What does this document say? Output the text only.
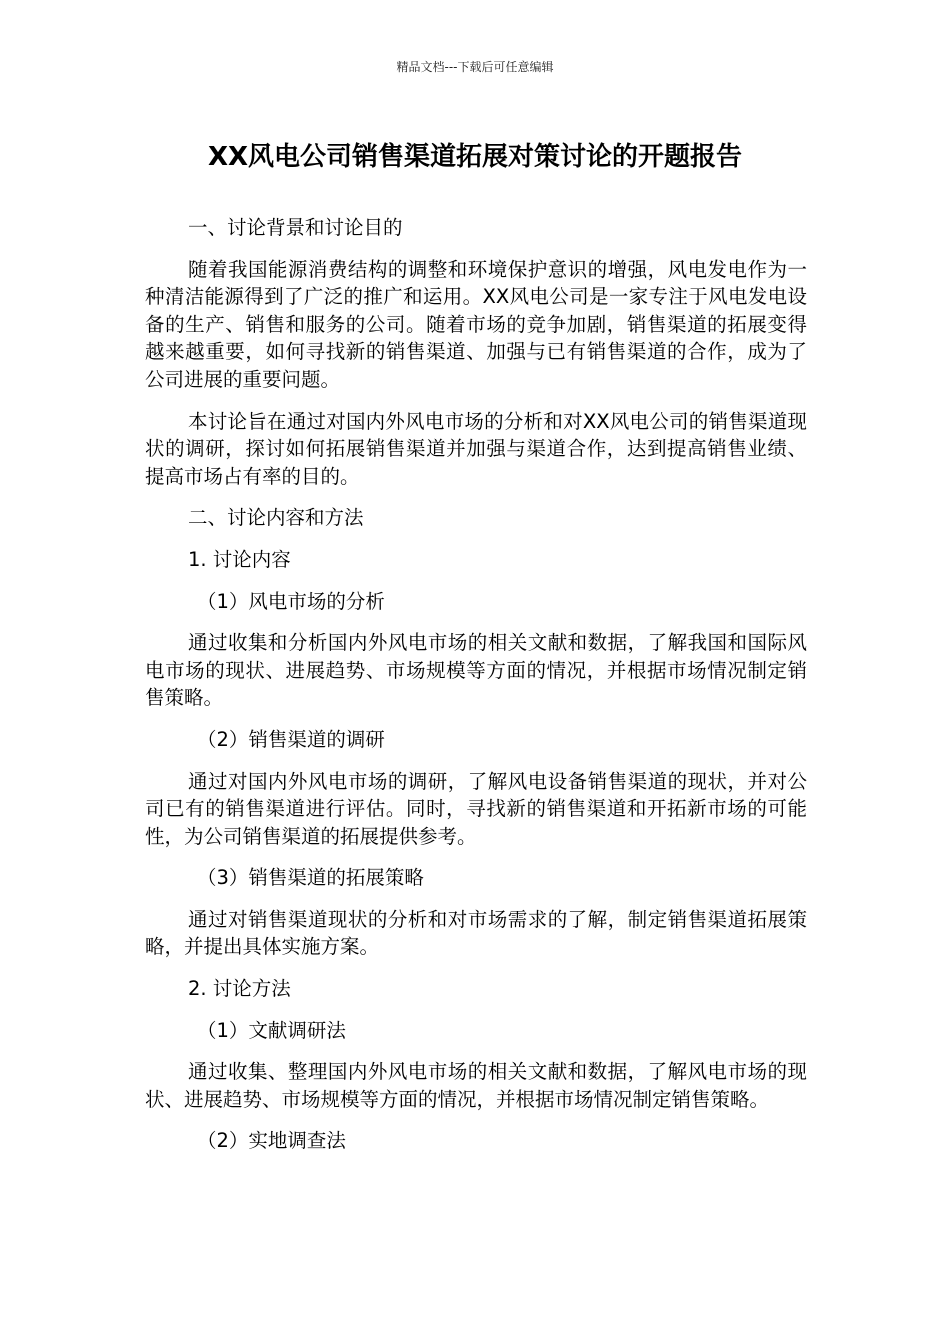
精品文档---下载后可任意编辑
XX风电公司销售渠道拓展对策讨论的开题报告

一、讨论背景和讨论目的

随着我国能源消费结构的调整和环境保护意识的增强，风电发电作为一种清洁能源得到了广泛的推广和运用。XX风电公司是一家专注于风电发电设备的生产、销售和服务的公司。随着市场的竞争加剧，销售渠道的拓展变得越来越重要，如何寻找新的销售渠道、加强与已有销售渠道的合作，成为了公司进展的重要问题。

本讨论旨在通过对国内外风电市场的分析和对XX风电公司的销售渠道现状的调研，探讨如何拓展销售渠道并加强与渠道合作，达到提高销售业绩、提高市场占有率的目的。

二、讨论内容和方法

1. 讨论内容

（1）风电市场的分析

通过收集和分析国内外风电市场的相关文献和数据，了解我国和国际风电市场的现状、进展趋势、市场规模等方面的情况，并根据市场情况制定销售策略。

（2）销售渠道的调研

通过对国内外风电市场的调研，了解风电设备销售渠道的现状，并对公司已有的销售渠道进行评估。同时，寻找新的销售渠道和开拓新市场的可能性，为公司销售渠道的拓展提供参考。

（3）销售渠道的拓展策略

通过对销售渠道现状的分析和对市场需求的了解，制定销售渠道拓展策略，并提出具体实施方案。

2. 讨论方法

（1）文献调研法

通过收集、整理国内外风电市场的相关文献和数据，了解风电市场的现状、进展趋势、市场规模等方面的情况，并根据市场情况制定销售策略。

（2）实地调查法
